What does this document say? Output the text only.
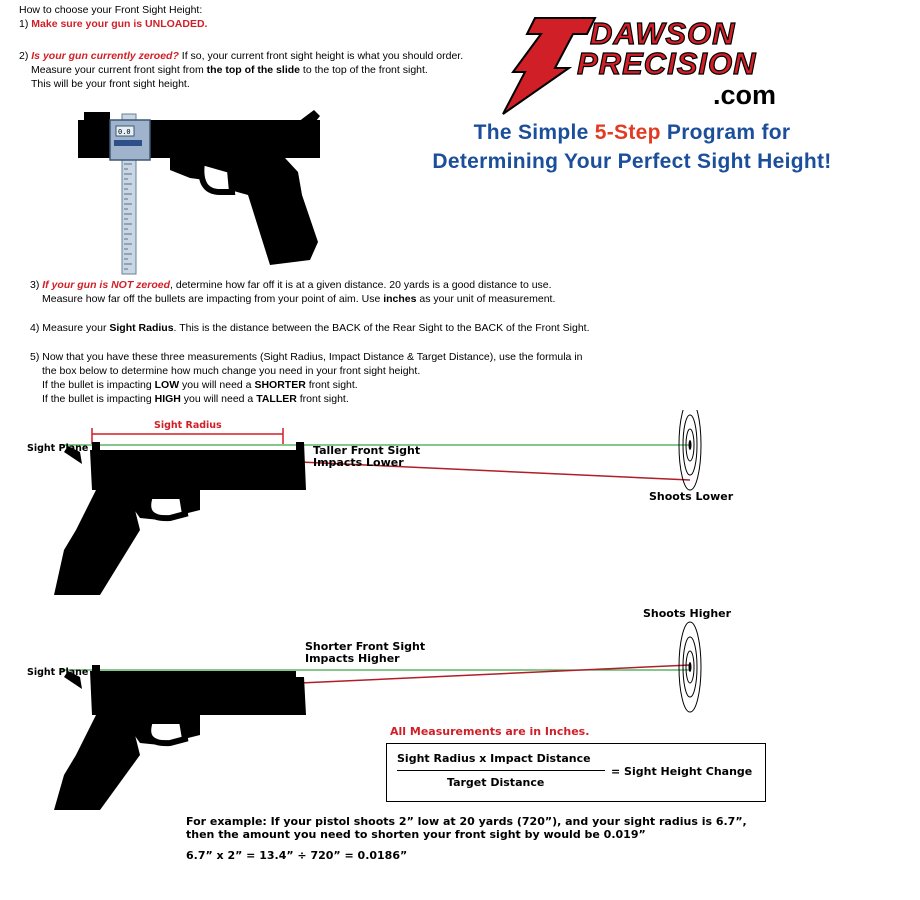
How to choose your Front Sight Height:
1) Make sure your gun is UNLOADED.
2) Is your gun currently zeroed? If so, your current front sight height is what you should order.
Measure your current front sight from the top of the slide to the top of the front sight.
This will be your front sight height.
3) If your gun is NOT zeroed, determine how far off it is at a given distance. 20 yards is a good distance to use.
Measure how far off the bullets are impacting from your point of aim. Use inches as your unit of measurement.
4) Measure your Sight Radius. This is the distance between the BACK of the Rear Sight to the BACK of the Front Sight.
5) Now that you have these three measurements (Sight Radius, Impact Distance & Target Distance), use the formula in
the box below to determine how much change you need in your front sight height.
If the bullet is impacting LOW you will need a SHORTER front sight.
If the bullet is impacting HIGH you will need a TALLER front sight.
DAWSON
PRECISION
.com
The Simple 5-Step Program for
Determining Your Perfect Sight Height!
0.0
Sight Radius
Sight Plane	Taller Front Sight
Impacts Lower
Shoots Lower
Shoots Higher
Shorter Front Sight
Impacts Higher
Sight Plane
All Measurements are in Inches.
Sight Radius x Impact Distance
Target Distance
= Sight Height Change
For example: If your pistol shoots 2” low at 20 yards (720”), and your sight radius is 6.7”,
then the amount you need to shorten your front sight by would be 0.019”
6.7” x 2” = 13.4” ÷ 720” = 0.0186”
